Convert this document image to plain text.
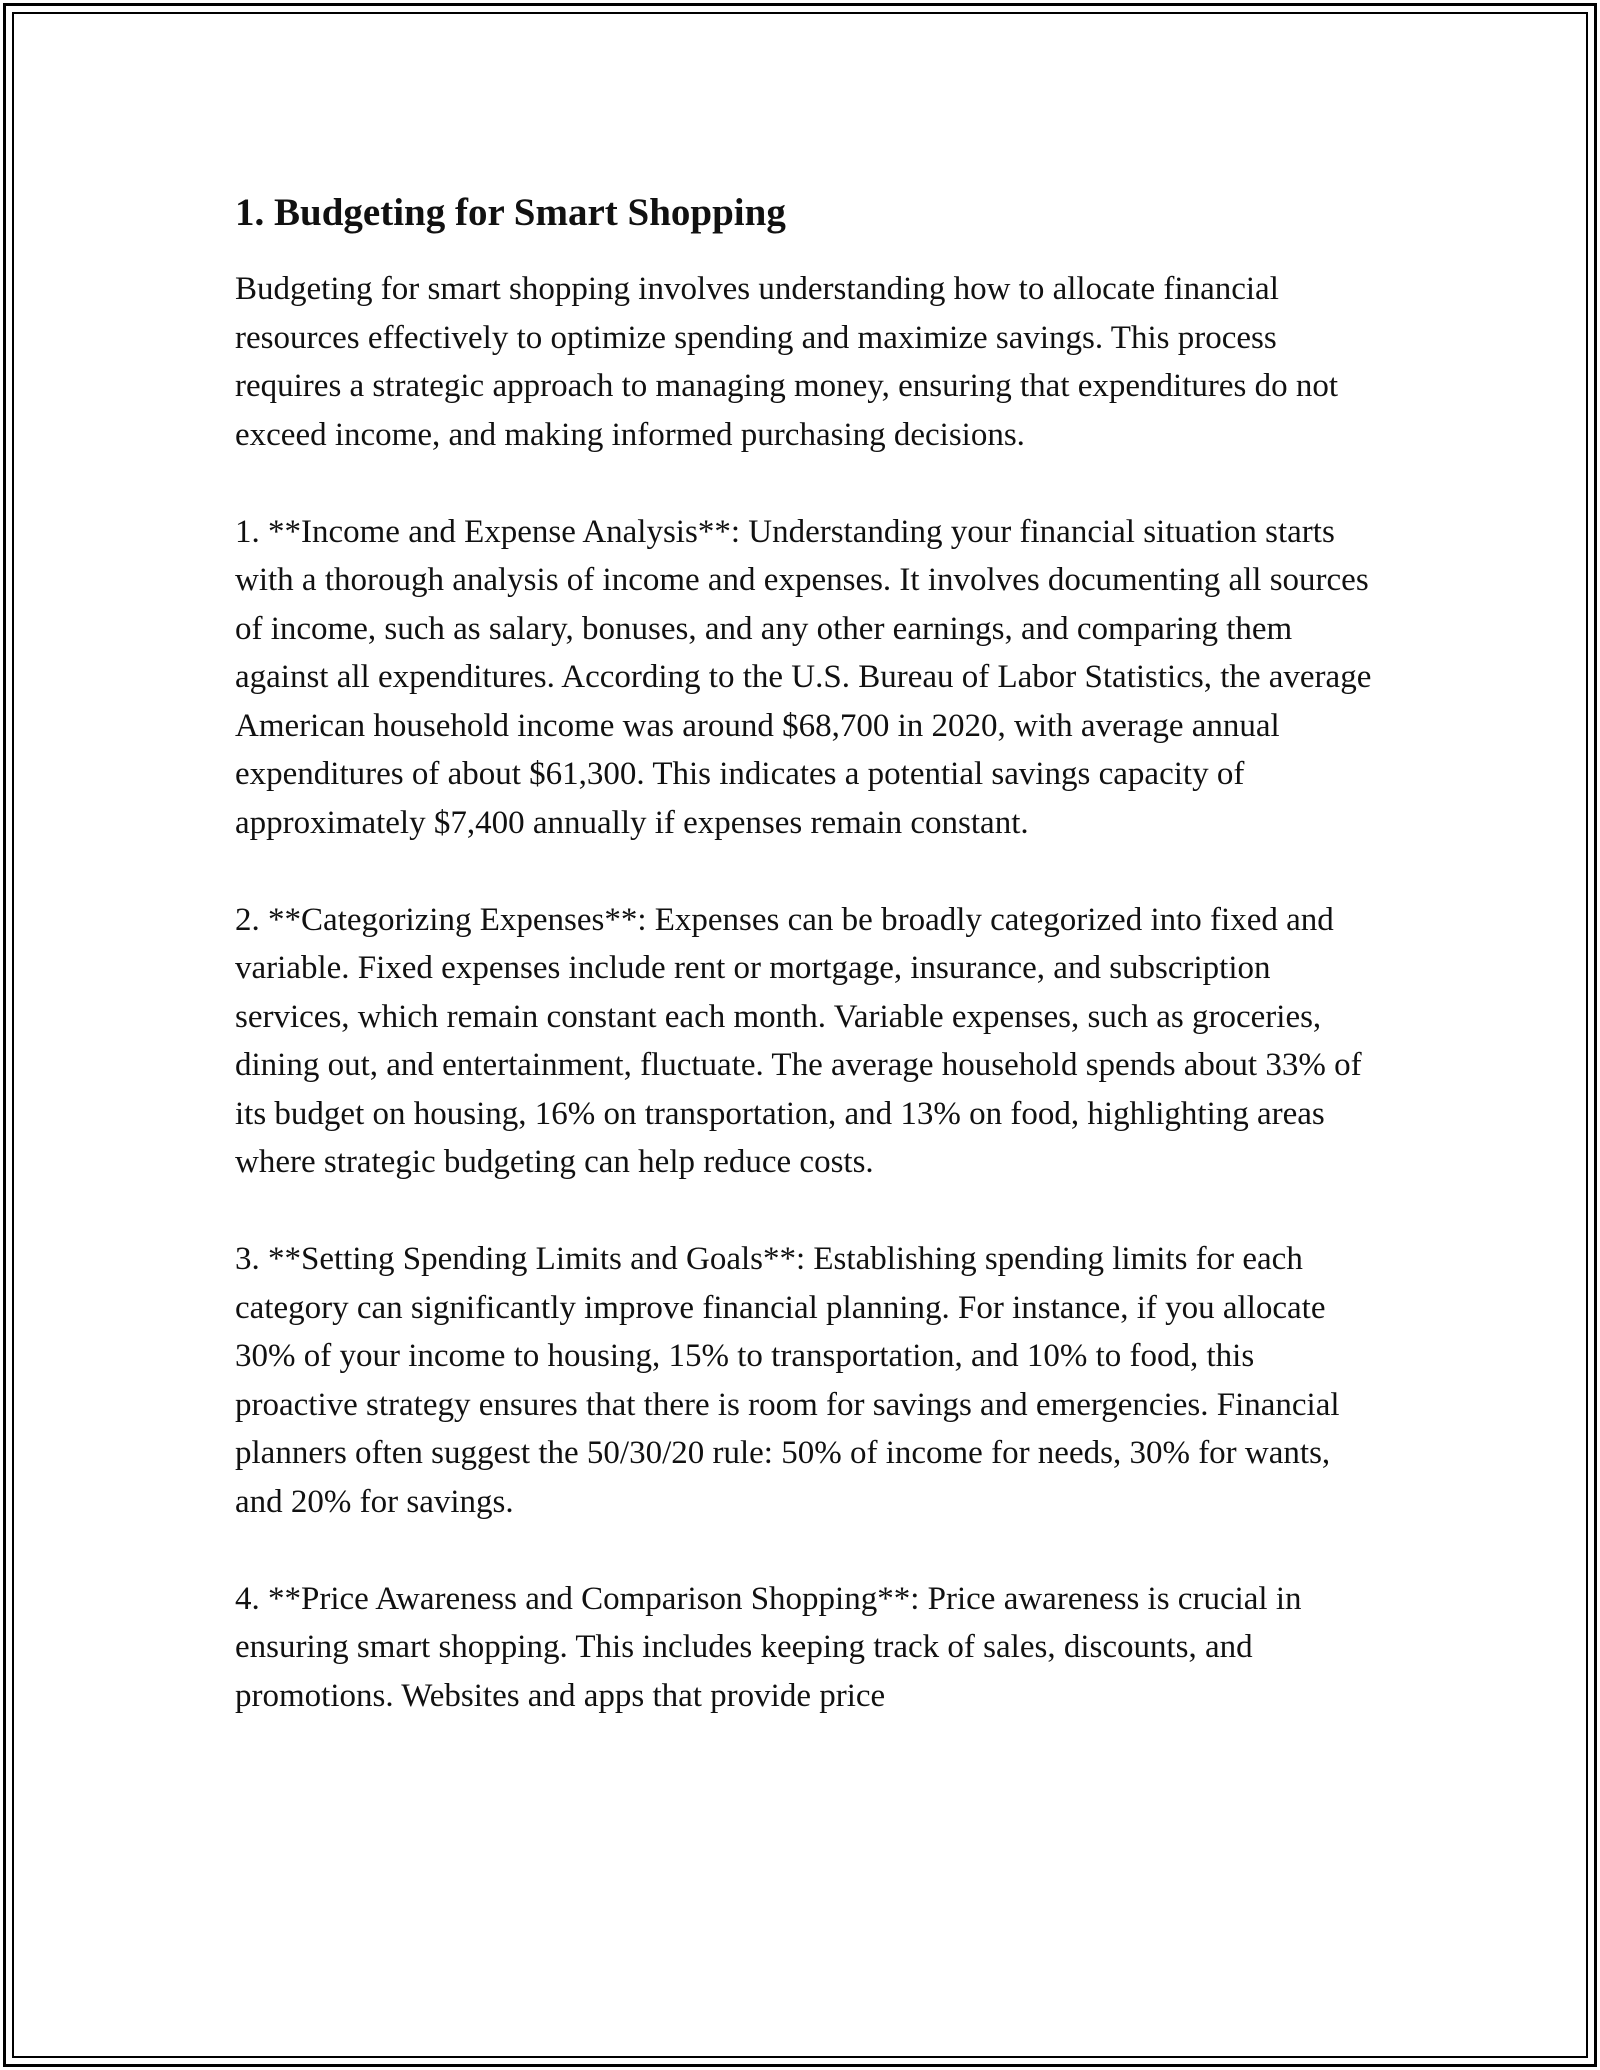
1. Budgeting for Smart Shopping

Budgeting for smart shopping involves understanding how to allocate financial resources effectively to optimize spending and maximize savings. This process requires a strategic approach to managing money, ensuring that expenditures do not exceed income, and making informed purchasing decisions.

1. **Income and Expense Analysis**: Understanding your financial situation starts with a thorough analysis of income and expenses. It involves documenting all sources of income, such as salary, bonuses, and any other earnings, and comparing them against all expenditures. According to the U.S. Bureau of Labor Statistics, the average American household income was around $68,700 in 2020, with average annual expenditures of about $61,300. This indicates a potential savings capacity of approximately $7,400 annually if expenses remain constant.

2. **Categorizing Expenses**: Expenses can be broadly categorized into fixed and variable. Fixed expenses include rent or mortgage, insurance, and subscription services, which remain constant each month. Variable expenses, such as groceries, dining out, and entertainment, fluctuate. The average household spends about 33% of its budget on housing, 16% on transportation, and 13% on food, highlighting areas where strategic budgeting can help reduce costs.

3. **Setting Spending Limits and Goals**: Establishing spending limits for each category can significantly improve financial planning. For instance, if you allocate 30% of your income to housing, 15% to transportation, and 10% to food, this proactive strategy ensures that there is room for savings and emergencies. Financial planners often suggest the 50/30/20 rule: 50% of income for needs, 30% for wants, and 20% for savings.

4. **Price Awareness and Comparison Shopping**: Price awareness is crucial in ensuring smart shopping. This includes keeping track of sales, discounts, and promotions. Websites and apps that provide price
